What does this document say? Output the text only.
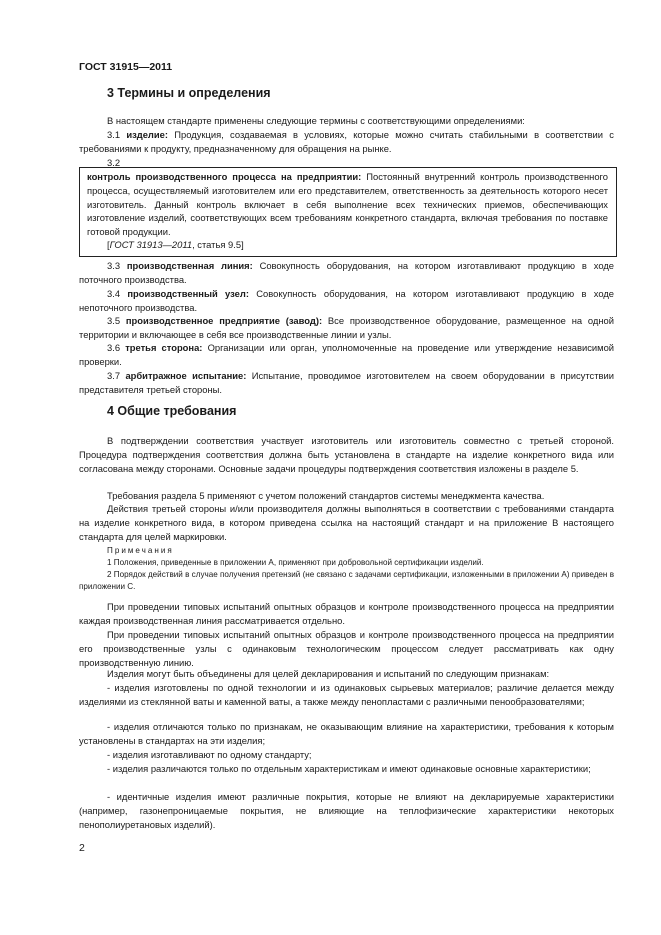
ГОСТ 31915—2011
3 Термины и определения
В настоящем стандарте применены следующие термины с соответствующими определениями:
3.1 изделие: Продукция, создаваемая в условиях, которые можно считать стабильными в соответствии с требованиями к продукту, предназначенному для обращения на рынке.
3.2
контроль производственного процесса на предприятии: Постоянный внутренний контроль производственного процесса, осуществляемый изготовителем или его представителем, ответственность за деятельность которого несет изготовитель. Данный контроль включает в себя выполнение всех технических приемов, обеспечивающих изготовление изделий, соответствующих всем требованиям конкретного стандарта, включая требования по поставке готовой продукции.
[ГОСТ 31913—2011, статья 9.5]
3.3 производственная линия: Совокупность оборудования, на котором изготавливают продукцию в ходе поточного производства.
3.4 производственный узел: Совокупность оборудования, на котором изготавливают продукцию в ходе непоточного производства.
3.5 производственное предприятие (завод): Все производственное оборудование, размещенное на одной территории и включающее в себя все производственные линии и узлы.
3.6 третья сторона: Организации или орган, уполномоченные на проведение или утверждение независимой проверки.
3.7 арбитражное испытание: Испытание, проводимое изготовителем на своем оборудовании в присутствии представителя третьей стороны.
4 Общие требования
В подтверждении соответствия участвует изготовитель или изготовитель совместно с третьей стороной. Процедура подтверждения соответствия должна быть установлена в стандарте на изделие конкретного вида или согласована между сторонами. Основные задачи процедуры подтверждения соответствия изложены в разделе 5.
Требования раздела 5 применяют с учетом положений стандартов системы менеджмента качества.
Действия третьей стороны и/или производителя должны выполняться в соответствии с требованиями стандарта на изделие конкретного вида, в котором приведена ссылка на настоящий стандарт и на приложение В настоящего стандарта для целей маркировки.
Примечания
1 Положения, приведенные в приложении А, применяют при добровольной сертификации изделий.
2 Порядок действий в случае получения претензий (не связано с задачами сертификации, изложенными в приложении А) приведен в приложении С.
При проведении типовых испытаний опытных образцов и контроле производственного процесса на предприятии каждая производственная линия рассматривается отдельно.
При проведении типовых испытаний опытных образцов и контроле производственного процесса на предприятии его производственные узлы с одинаковым технологическим процессом следует рассматривать как одну производственную линию.
Изделия могут быть объединены для целей декларирования и испытаний по следующим признакам:
- изделия изготовлены по одной технологии и из одинаковых сырьевых материалов; различие делается между изделиями из стеклянной ваты и каменной ваты, а также между пенопластами с различными пенообразователями;
- изделия отличаются только по признакам, не оказывающим влияние на характеристики, требования к которым установлены в стандартах на эти изделия;
- изделия изготавливают по одному стандарту;
- изделия различаются только по отдельным характеристикам и имеют одинаковые основные характеристики;
- идентичные изделия имеют различные покрытия, которые не влияют на декларируемые характеристики (например, газонепроницаемые покрытия, не влияющие на теплофизические характеристики некоторых пенополиуретановых изделий).
2
